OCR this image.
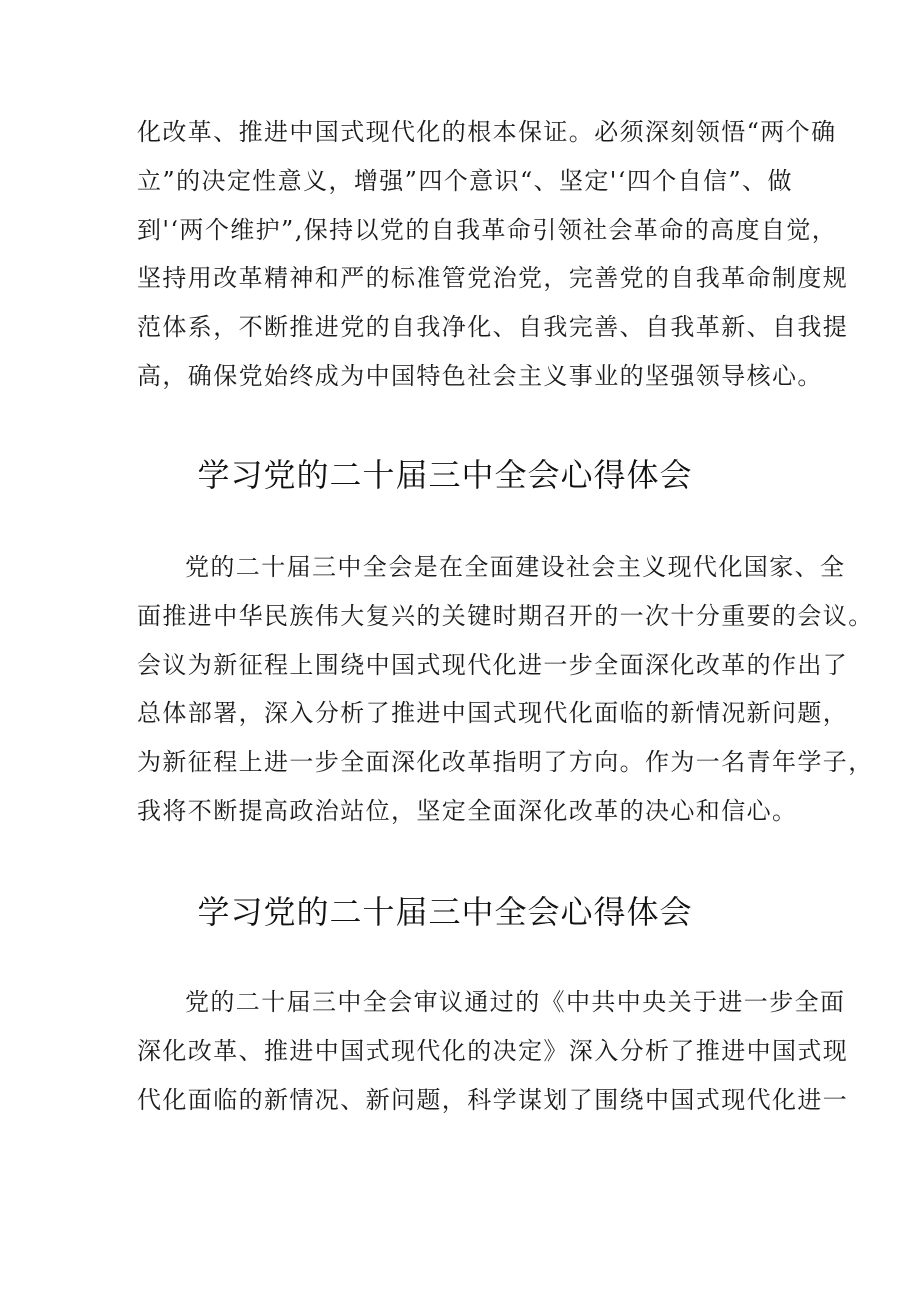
化改革、推进中国式现代化的根本保证。必须深刻领悟“两个确
立”的决定性意义，增强”四个意识“、坚定'‘四个自信”、做
到'‘两个维护”,保持以党的自我革命引领社会革命的高度自觉，
坚持用改革精神和严的标准管党治党，完善党的自我革命制度规
范体系，不断推进党的自我净化、自我完善、自我革新、自我提
高，确保党始终成为中国特色社会主义事业的坚强领导核心。

学习党的二十届三中全会心得体会

党的二十届三中全会是在全面建设社会主义现代化国家、全
面推进中华民族伟大复兴的关键时期召开的一次十分重要的会议。
会议为新征程上围绕中国式现代化进一步全面深化改革的作出了
总体部署，深入分析了推进中国式现代化面临的新情况新问题，
为新征程上进一步全面深化改革指明了方向。作为一名青年学子，
我将不断提高政治站位，坚定全面深化改革的决心和信心。

学习党的二十届三中全会心得体会

党的二十届三中全会审议通过的《中共中央关于进一步全面
深化改革、推进中国式现代化的决定》深入分析了推进中国式现
代化面临的新情况、新问题，科学谋划了围绕中国式现代化进一
